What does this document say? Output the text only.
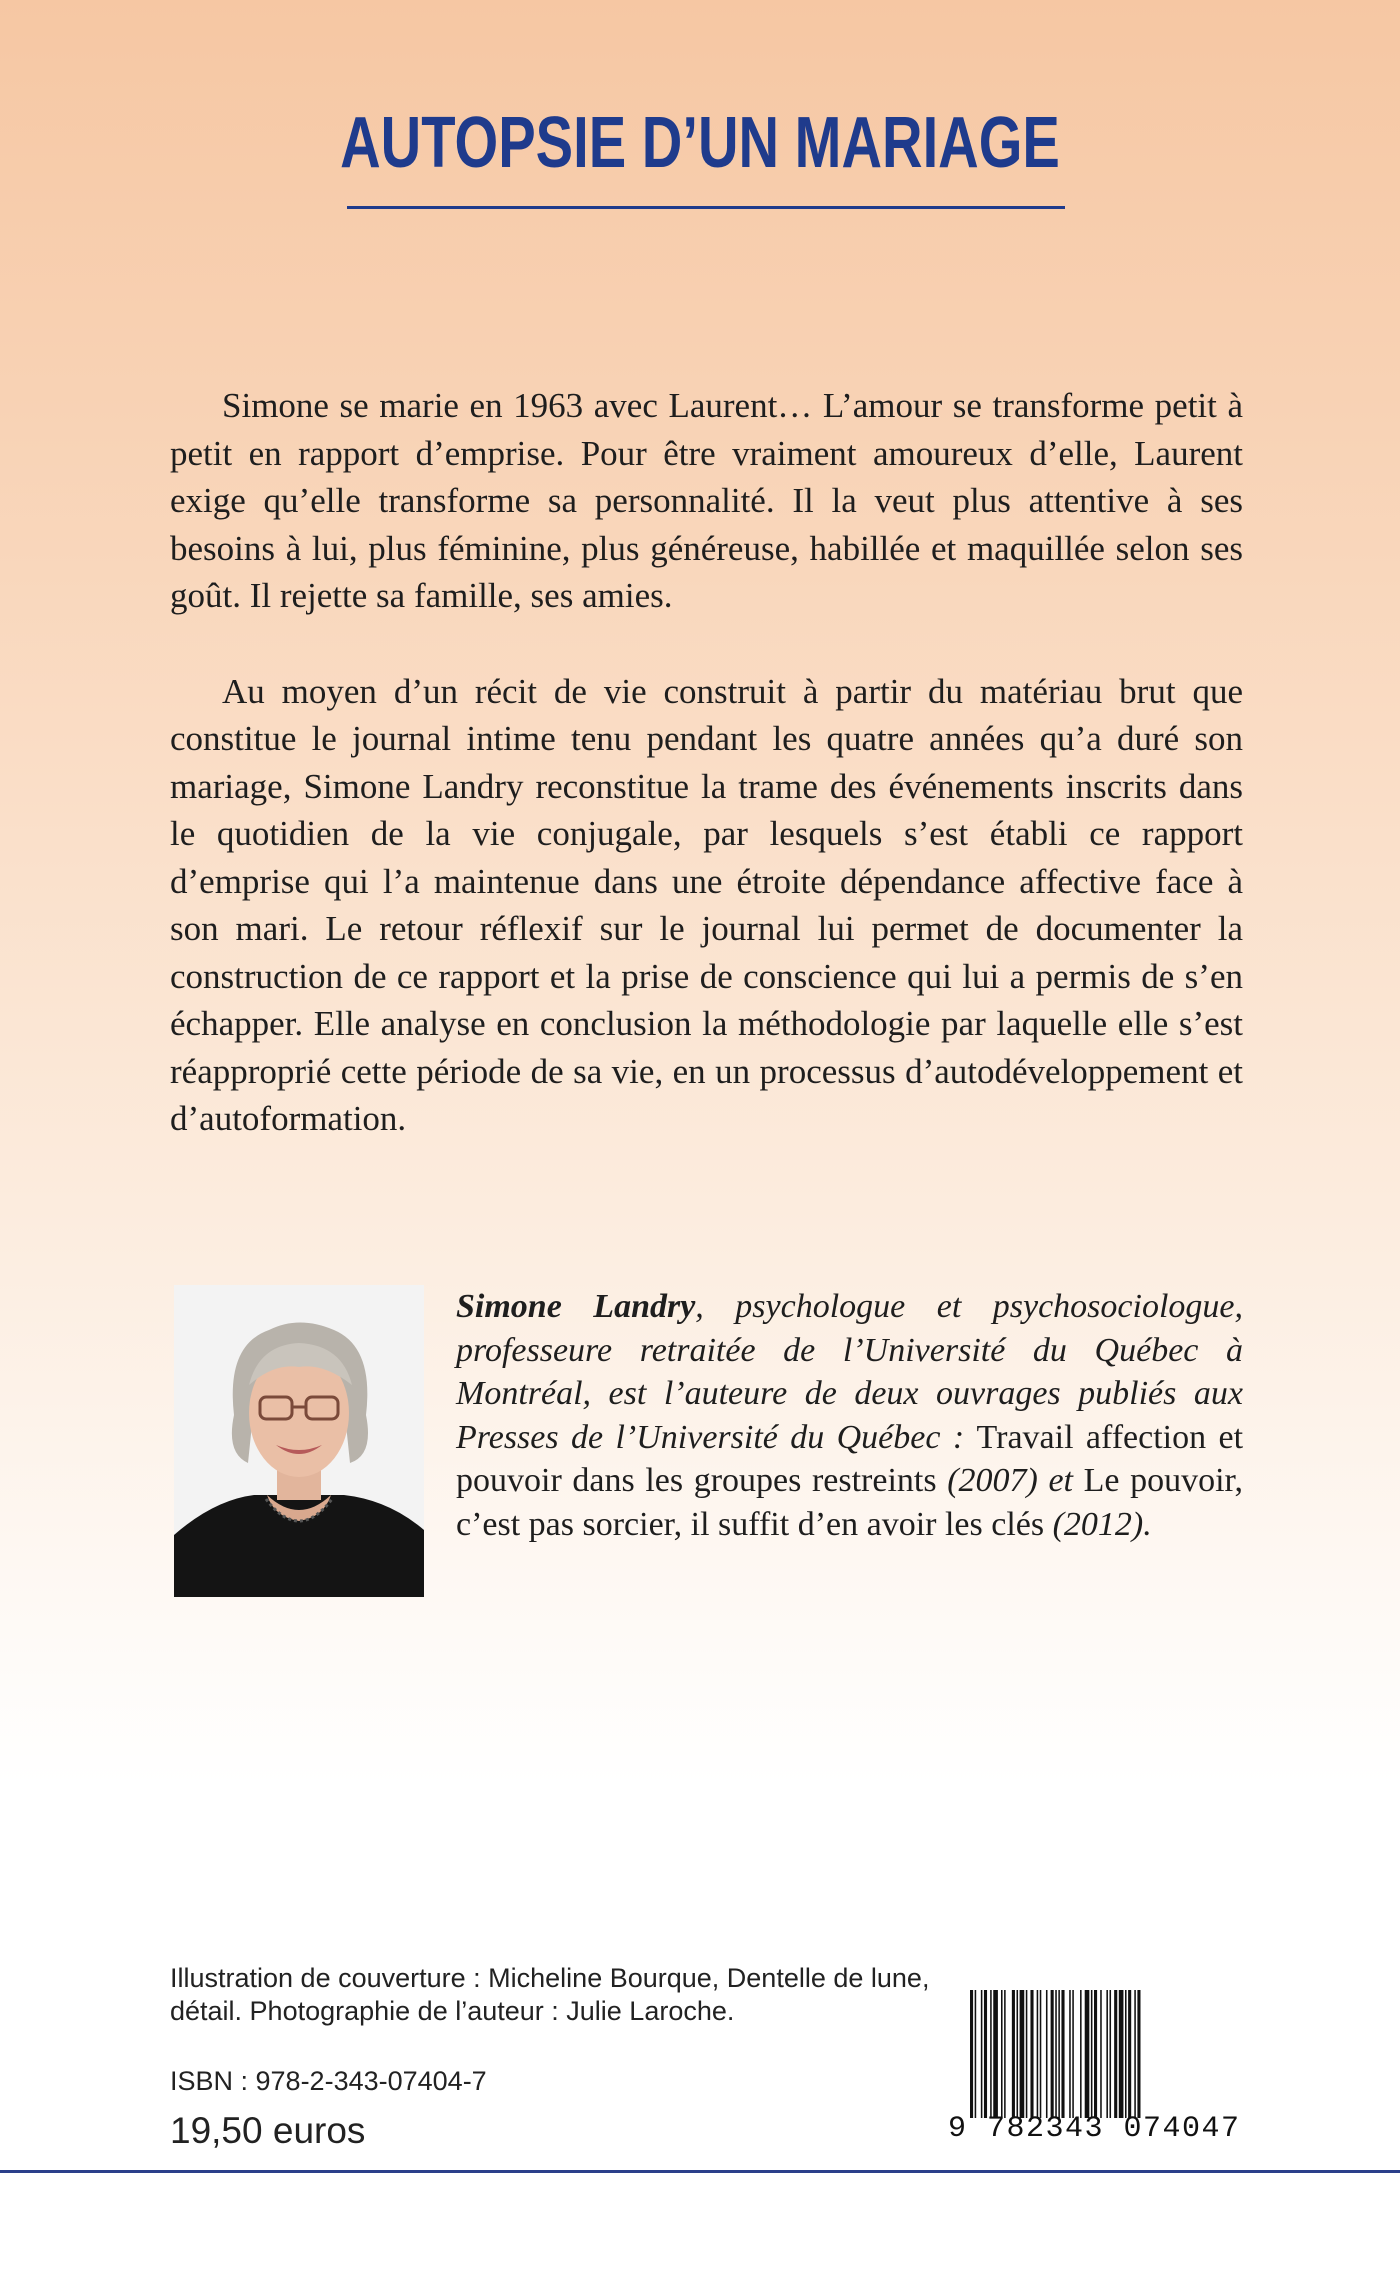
AUTOPSIE D’UN MARIAGE

Simone se marie en 1963 avec Laurent… L’amour se transforme petit à petit en rapport d’emprise. Pour être vraiment amoureux d’elle, Laurent exige qu’elle transforme sa personnalité. Il la veut plus attentive à ses besoins à lui, plus féminine, plus généreuse, habillée et maquillée selon ses goût. Il rejette sa famille, ses amies.

Au moyen d’un récit de vie construit à partir du matériau brut que constitue le journal intime tenu pendant les quatre années qu’a duré son mariage, Simone Landry reconstitue la trame des événements inscrits dans le quotidien de la vie conjugale, par lesquels s’est établi ce rapport d’emprise qui l’a maintenue dans une étroite dépendance affective face à son mari. Le retour réflexif sur le journal lui permet de documenter la construction de ce rapport et la prise de conscience qui lui a permis de s’en échapper. Elle analyse en conclusion la méthodologie par laquelle elle s’est réapproprié cette période de sa vie, en un processus d’autodéveloppement et d’autoformation.

Simone Landry, psychologue et psychosociologue, professeure retraitée de l’Université du Québec à Montréal, est l’auteure de deux ouvrages publiés aux Presses de l’Université du Québec : Travail affection et pouvoir dans les groupes restreints (2007) et Le pouvoir, c’est pas sorcier, il suffit d’en avoir les clés (2012).
Illustration de couverture : Micheline Bourque, Dentelle de lune,
détail. Photographie de l’auteur : Julie Laroche.
ISBN : 978-2-343-07404-7
19,50 euros	9 782343 074047
